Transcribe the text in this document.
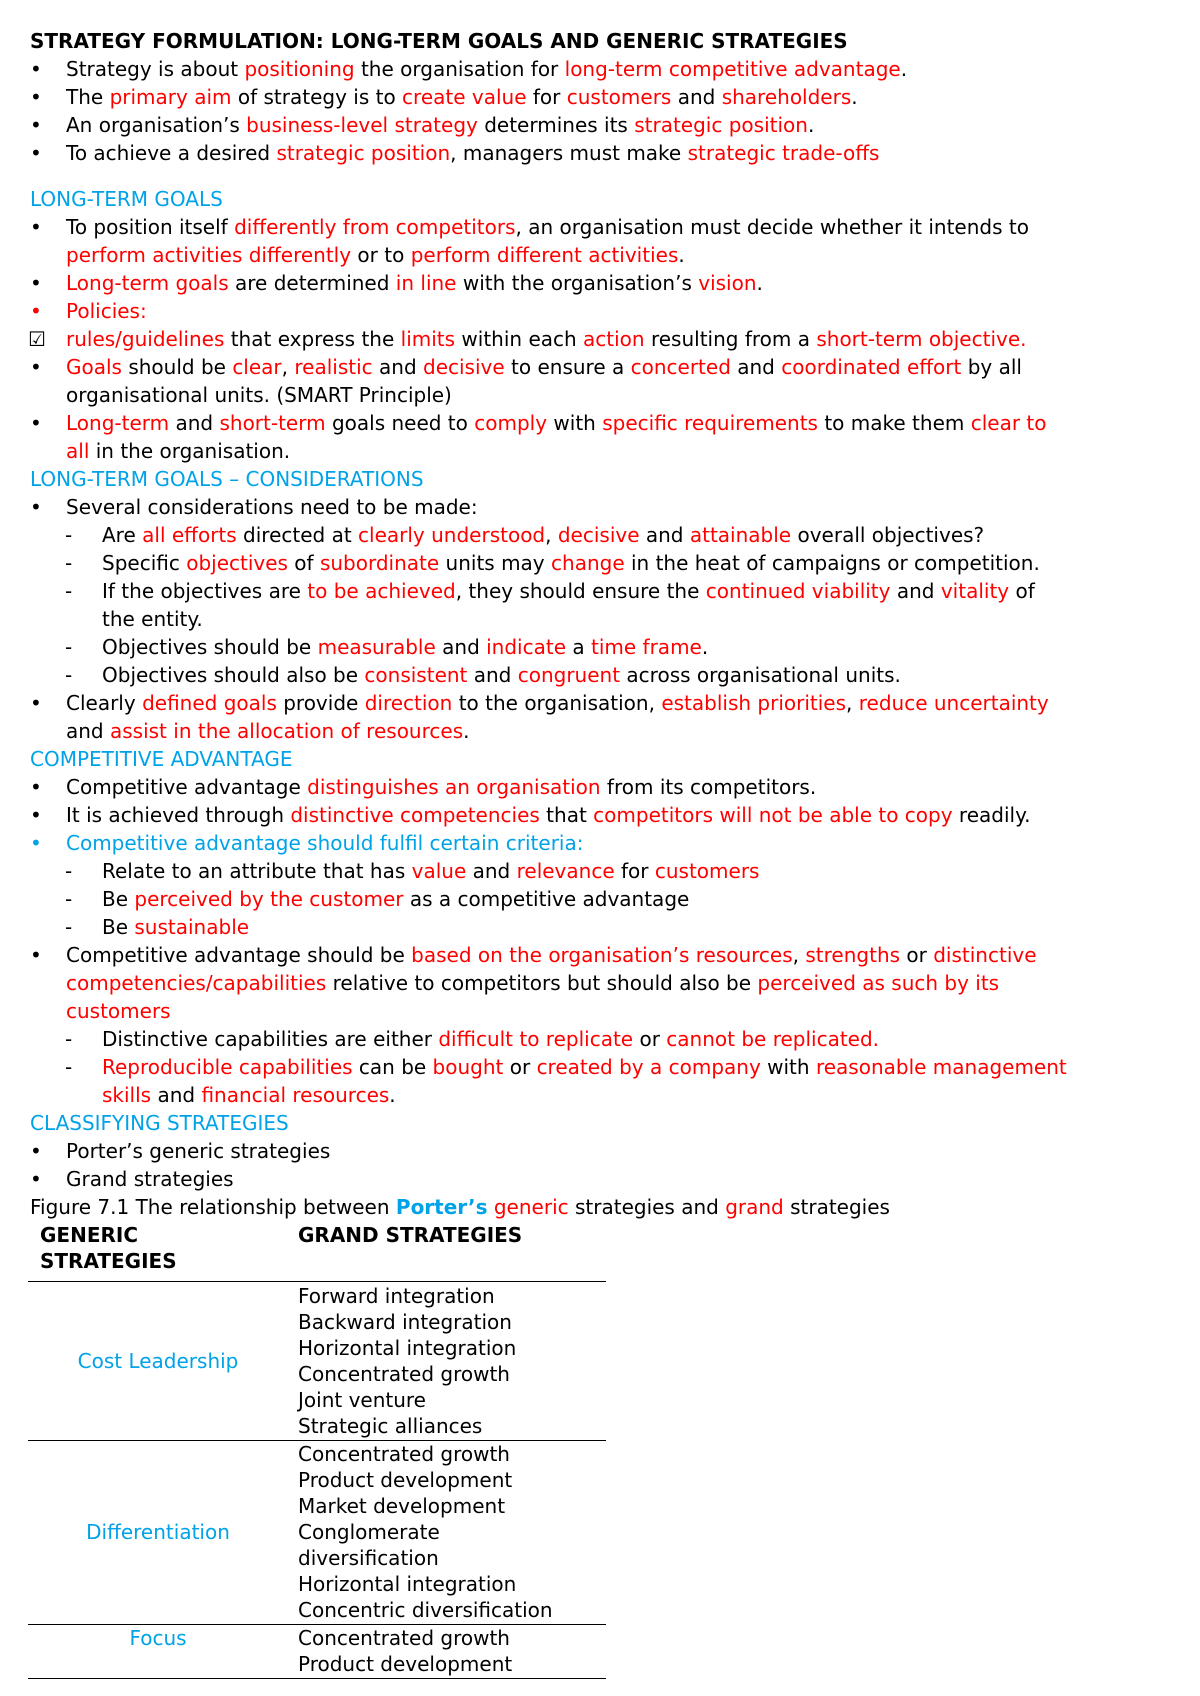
STRATEGY FORMULATION: LONG-TERM GOALS AND GENERIC STRATEGIES
• Strategy is about positioning the organisation for long-term competitive advantage.
• The primary aim of strategy is to create value for customers and shareholders.
• An organisation’s business-level strategy determines its strategic position.
• To achieve a desired strategic position, managers must make strategic trade-offs
LONG-TERM GOALS
• To position itself differently from competitors, an organisation must decide whether it intends to
perform activities differently or to perform different activities.
• Long-term goals are determined in line with the organisation’s vision.
• Policies:
☑ rules/guidelines that express the limits within each action resulting from a short-term objective.
• Goals should be clear, realistic and decisive to ensure a concerted and coordinated effort by all
organisational units. (SMART Principle)
• Long-term and short-term goals need to comply with specific requirements to make them clear to
all in the organisation.
LONG-TERM GOALS – CONSIDERATIONS
• Several considerations need to be made:
- Are all efforts directed at clearly understood, decisive and attainable overall objectives?
- Specific objectives of subordinate units may change in the heat of campaigns or competition.
- If the objectives are to be achieved, they should ensure the continued viability and vitality of
the entity.
- Objectives should be measurable and indicate a time frame.
- Objectives should also be consistent and congruent across organisational units.
• Clearly defined goals provide direction to the organisation, establish priorities, reduce uncertainty
and assist in the allocation of resources.
COMPETITIVE ADVANTAGE
• Competitive advantage distinguishes an organisation from its competitors.
• It is achieved through distinctive competencies that competitors will not be able to copy readily.
• Competitive advantage should fulfil certain criteria:
- Relate to an attribute that has value and relevance for customers
- Be perceived by the customer as a competitive advantage
- Be sustainable
• Competitive advantage should be based on the organisation’s resources, strengths or distinctive
competencies/capabilities relative to competitors but should also be perceived as such by its
customers
- Distinctive capabilities are either difficult to replicate or cannot be replicated.
- Reproducible capabilities can be bought or created by a company with reasonable management
skills and financial resources.
CLASSIFYING STRATEGIES
• Porter’s generic strategies
• Grand strategies
Figure 7.1 The relationship between Porter’s generic strategies and grand strategies
GENERIC
STRATEGIES
GRAND STRATEGIES
Cost Leadership
Forward integration
Backward integration
Horizontal integration
Concentrated growth
Joint venture
Strategic alliances
Differentiation
Concentrated growth
Product development
Market development
Conglomerate
diversification
Horizontal integration
Concentric diversification
Focus	Concentrated growth
Product development
